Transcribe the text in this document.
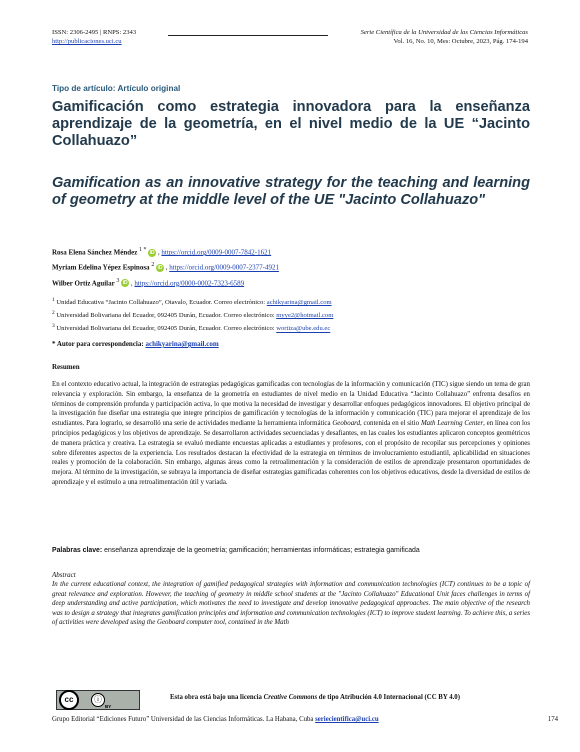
ISSN: 2306-2495 | RNPS: 2343
http://publicaciones.uci.cu
Serie Científica de la Universidad de las Ciencias Informáticas
Vol. 16, No. 10, Mes: Octubre, 2023, Pág. 174-194
Tipo de artículo: Artículo original
Gamificación como estrategia innovadora para la enseñanza aprendizaje de la geometría, en el nivel medio de la UE “Jacinto Collahuazo”
Gamification as an innovative strategy for the teaching and learning of geometry at the middle level of the UE "Jacinto Collahuazo"
Rosa Elena Sánchez Méndez $^{1 *}$ iD , https://orcid.org/0009-0007-7842-1621
Myriam Edelina Yépez Espinosa $^2$ iD , https://orcid.org/0009-0007-2377-4921
Wilber Ortiz Aguilar $^3$ iD , https://orcid.org/0000-0002-7323-6589
$^1$ Unidad Educativa “Jacinto Collahuazo”, Otavalo, Ecuador. Correo electrónico: achikyarina@gmail.com
$^2$ Universidad Bolivariana del Ecuador, 092405 Durán, Ecuador. Correo electrónico: myye2@hotmail.com
$^3$ Universidad Bolivariana del Ecuador, 092405 Durán, Ecuador. Correo electrónico: wortiza@ube.edu.ec
* Autor para correspondencia: achikyarina@gmail.com
Resumen
En el contexto educativo actual, la integración de estrategias pedagógicas gamificadas con tecnologías de la información y comunicación (TIC) sigue siendo un tema de gran relevancia y exploración. Sin embargo, la enseñanza de la geometría en estudiantes de nivel medio en la Unidad Educativa “Jacinto Collahuazo” enfrenta desafíos en términos de comprensión profunda y participación activa, lo que motiva la necesidad de investigar y desarrollar enfoques pedagógicos innovadores. El objetivo principal de la investigación fue diseñar una estrategia que integre principios de gamificación y tecnologías de la información y comunicación (TIC) para mejorar el aprendizaje de los estudiantes. Para lograrlo, se desarrolló una serie de actividades mediante la herramienta informática Geoboard, contenida en el sitio Math Learning Center, en línea con los principios pedagógicos y los objetivos de aprendizaje. Se desarrollaron actividades secuenciadas y desafiantes, en las cuales los estudiantes aplicaron conceptos geométricos de manera práctica y creativa. La estrategia se evaluó mediante encuestas aplicadas a estudiantes y profesores, con el propósito de recopilar sus percepciones y opiniones sobre diferentes aspectos de la experiencia. Los resultados destacan la efectividad de la estrategia en términos de involucramiento estudiantil, aplicabilidad en situaciones reales y promoción de la colaboración. Sin embargo, algunas áreas como la retroalimentación y la consideración de estilos de aprendizaje presentaron oportunidades de mejora. Al término de la investigación, se subraya la importancia de diseñar estrategias gamificadas coherentes con los objetivos educativos, desde la diversidad de estilos de aprendizaje y el estímulo a una retroalimentación útil y variada.
Palabras clave: enseñanza aprendizaje de la geometría; gamificación; herramientas informáticas; estrategia gamificada
Abstract
In the current educational context, the integration of gamified pedagogical strategies with information and communication technologies (ICT) continues to be a topic of great relevance and exploration. However, the teaching of geometry in middle school students at the "Jacinto Collahuazo" Educational Unit faces challenges in terms of deep understanding and active participation, which motivates the need to investigate and develop innovative pedagogical approaches. The main objective of the research was to design a strategy that integrates gamification principles and information and communication technologies (ICT) to improve student learning. To achieve this, a series of activities were developed using the Geoboard computer tool, contained in the Math
cc	ⓘ
BY
Esta obra está bajo una licencia Creative Commons de tipo Atribución 4.0 Internacional (CC BY 4.0)
Grupo Editorial “Ediciones Futuro” Universidad de las Ciencias Informáticas. La Habana, Cuba seriecientifica@uci.cu	174
